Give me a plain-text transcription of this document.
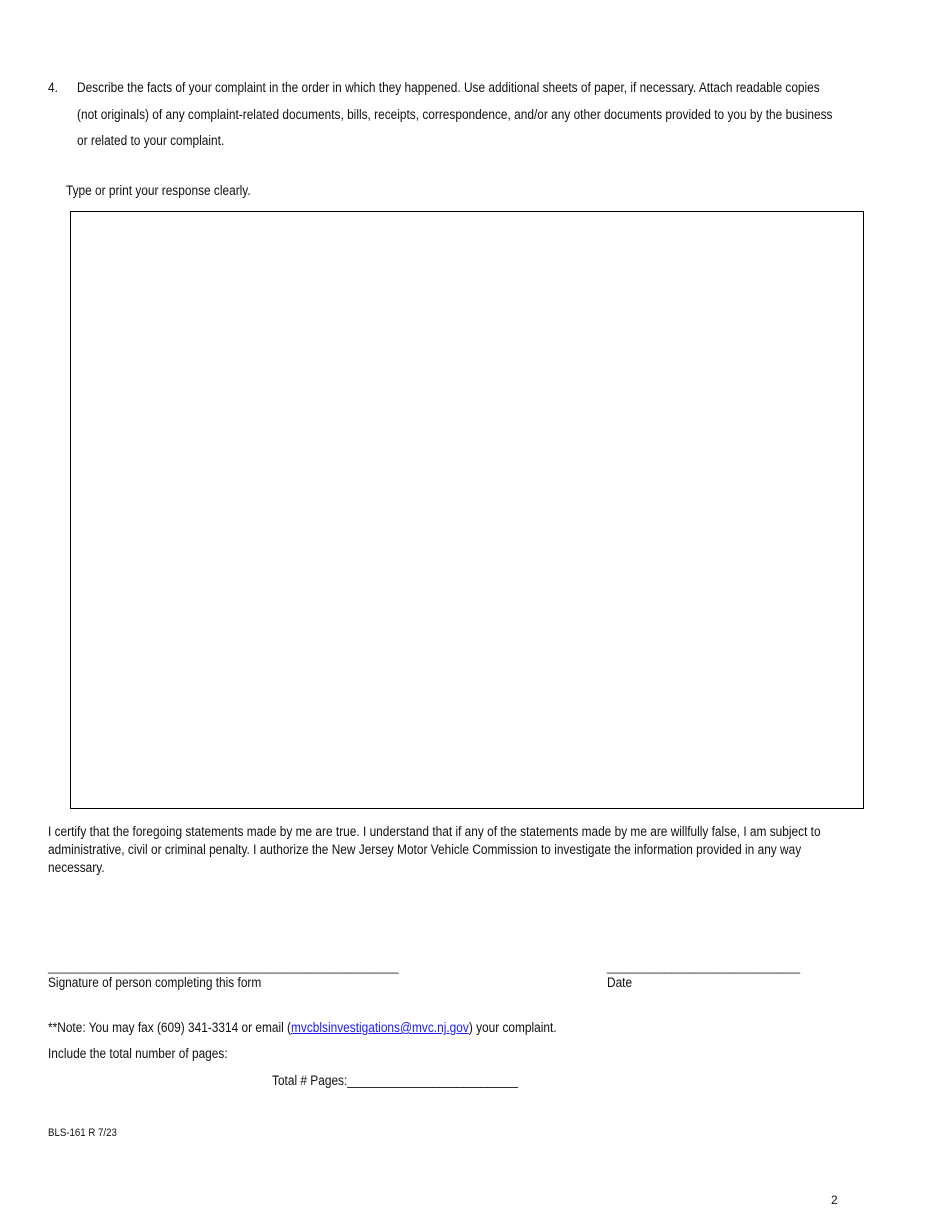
4. Describe the facts of your complaint in the order in which they happened. Use additional sheets of paper, if necessary. Attach readable copies (not originals) of any complaint-related documents, bills, receipts, correspondence, and/or any other documents provided to you by the business or related to your complaint.
Type or print your response clearly.
I certify that the foregoing statements made by me are true. I understand that if any of the statements made by me are willfully false, I am subject to administrative, civil or criminal penalty. I authorize the New Jersey Motor Vehicle Commission to investigate the information provided in any way necessary.
____________________________________________________________
Signature of person completing this form
_________________________________
Date
**Note: You may fax (609) 341-3314 or email (mvcblsinvestigations@mvc.nj.gov) your complaint.
Include the total number of pages:
Total # Pages:____________________________
BLS-161 R 7/23
2
